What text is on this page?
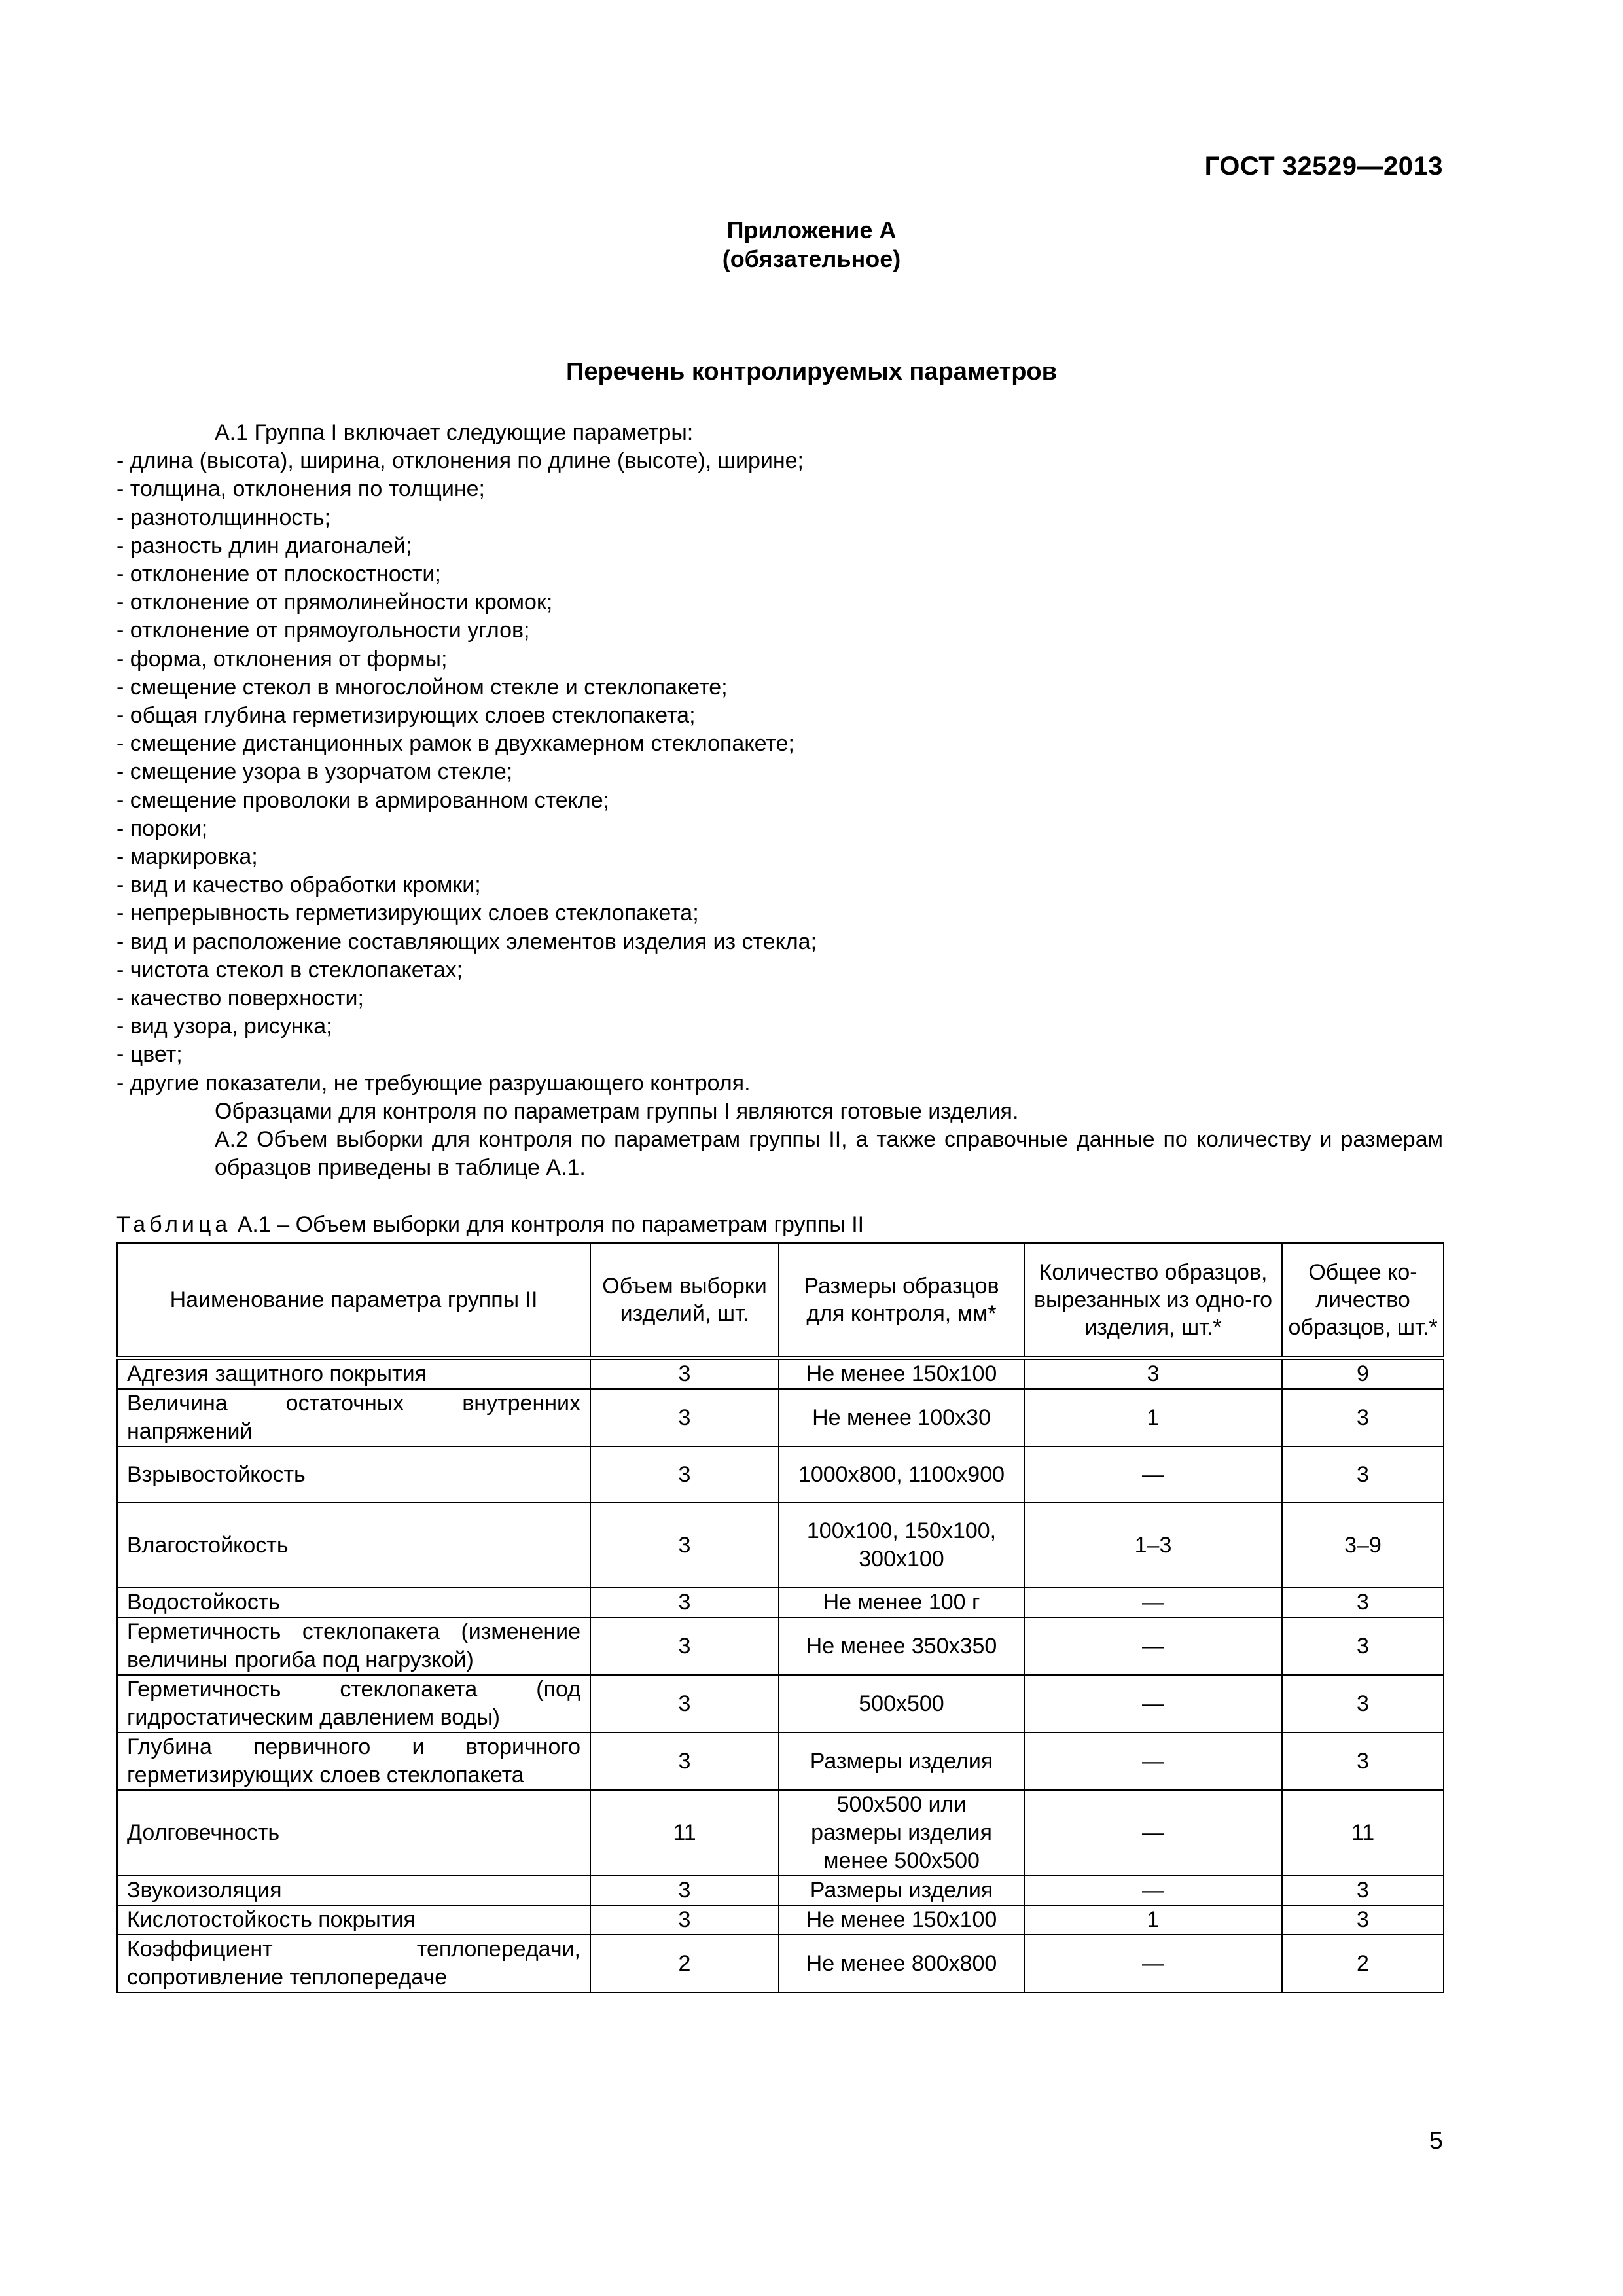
ГОСТ 32529—2013
Приложение А
(обязательное)
Перечень контролируемых параметров
А.1 Группа I включает следующие параметры:
- длина (высота), ширина, отклонения по длине (высоте), ширине;
- толщина, отклонения по толщине;
- разнотолщинность;
- разность длин диагоналей;
- отклонение от плоскостности;
- отклонение от прямолинейности кромок;
- отклонение от прямоугольности углов;
- форма, отклонения от формы;
- смещение стекол в многослойном стекле и стеклопакете;
- общая глубина герметизирующих слоев стеклопакета;
- смещение дистанционных рамок в двухкамерном стеклопакете;
- смещение узора в узорчатом стекле;
- смещение проволоки в армированном стекле;
- пороки;
- маркировка;
- вид и качество обработки кромки;
- непрерывность герметизирующих слоев стеклопакета;
- вид и расположение составляющих элементов изделия из стекла;
- чистота стекол в стеклопакетах;
- качество поверхности;
- вид узора, рисунка;
- цвет;
- другие показатели, не требующие разрушающего контроля.
Образцами для контроля по параметрам группы I являются готовые изделия.
А.2 Объем выборки для контроля по параметрам группы II, а также справочные данные по количеству и размерам образцов приведены в таблице А.1.
Таблица А.1 – Объем выборки для контроля по параметрам группы II
Наименование параметра группы II	Объем выборки изделий, шт.	Размеры образцов для контроля, мм*	Количество образцов, вырезанных из одно-го изделия, шт.*	Общее ко-личество образцов, шт.*
Адгезия защитного покрытия	3	Не менее 150х100	3	9
Величина остаточных внутренних напряжений	3	Не менее 100х30	1	3
Взрывостойкость	3	1000х800, 1100х900	—	3
Влагостойкость	3	100х100, 150х100, 300х100	1–3	3–9
Водостойкость	3	Не менее 100 г	—	3
Герметичность стеклопакета (изменение величины прогиба под нагрузкой)	3	Не менее 350х350	—	3
Герметичность стеклопакета (под гидростатическим давлением воды)	3	500х500	—	3
Глубина первичного и вторичного герметизирующих слоев стеклопакета	3	Размеры изделия	—	3
Долговечность	11	500х500 или размеры изделия менее 500х500	—	11
Звукоизоляция	3	Размеры изделия	—	3
Кислотостойкость покрытия	3	Не менее 150х100	1	3
Коэффициент теплопередачи, сопротивление теплопередаче	2	Не менее 800х800	—	2
5
